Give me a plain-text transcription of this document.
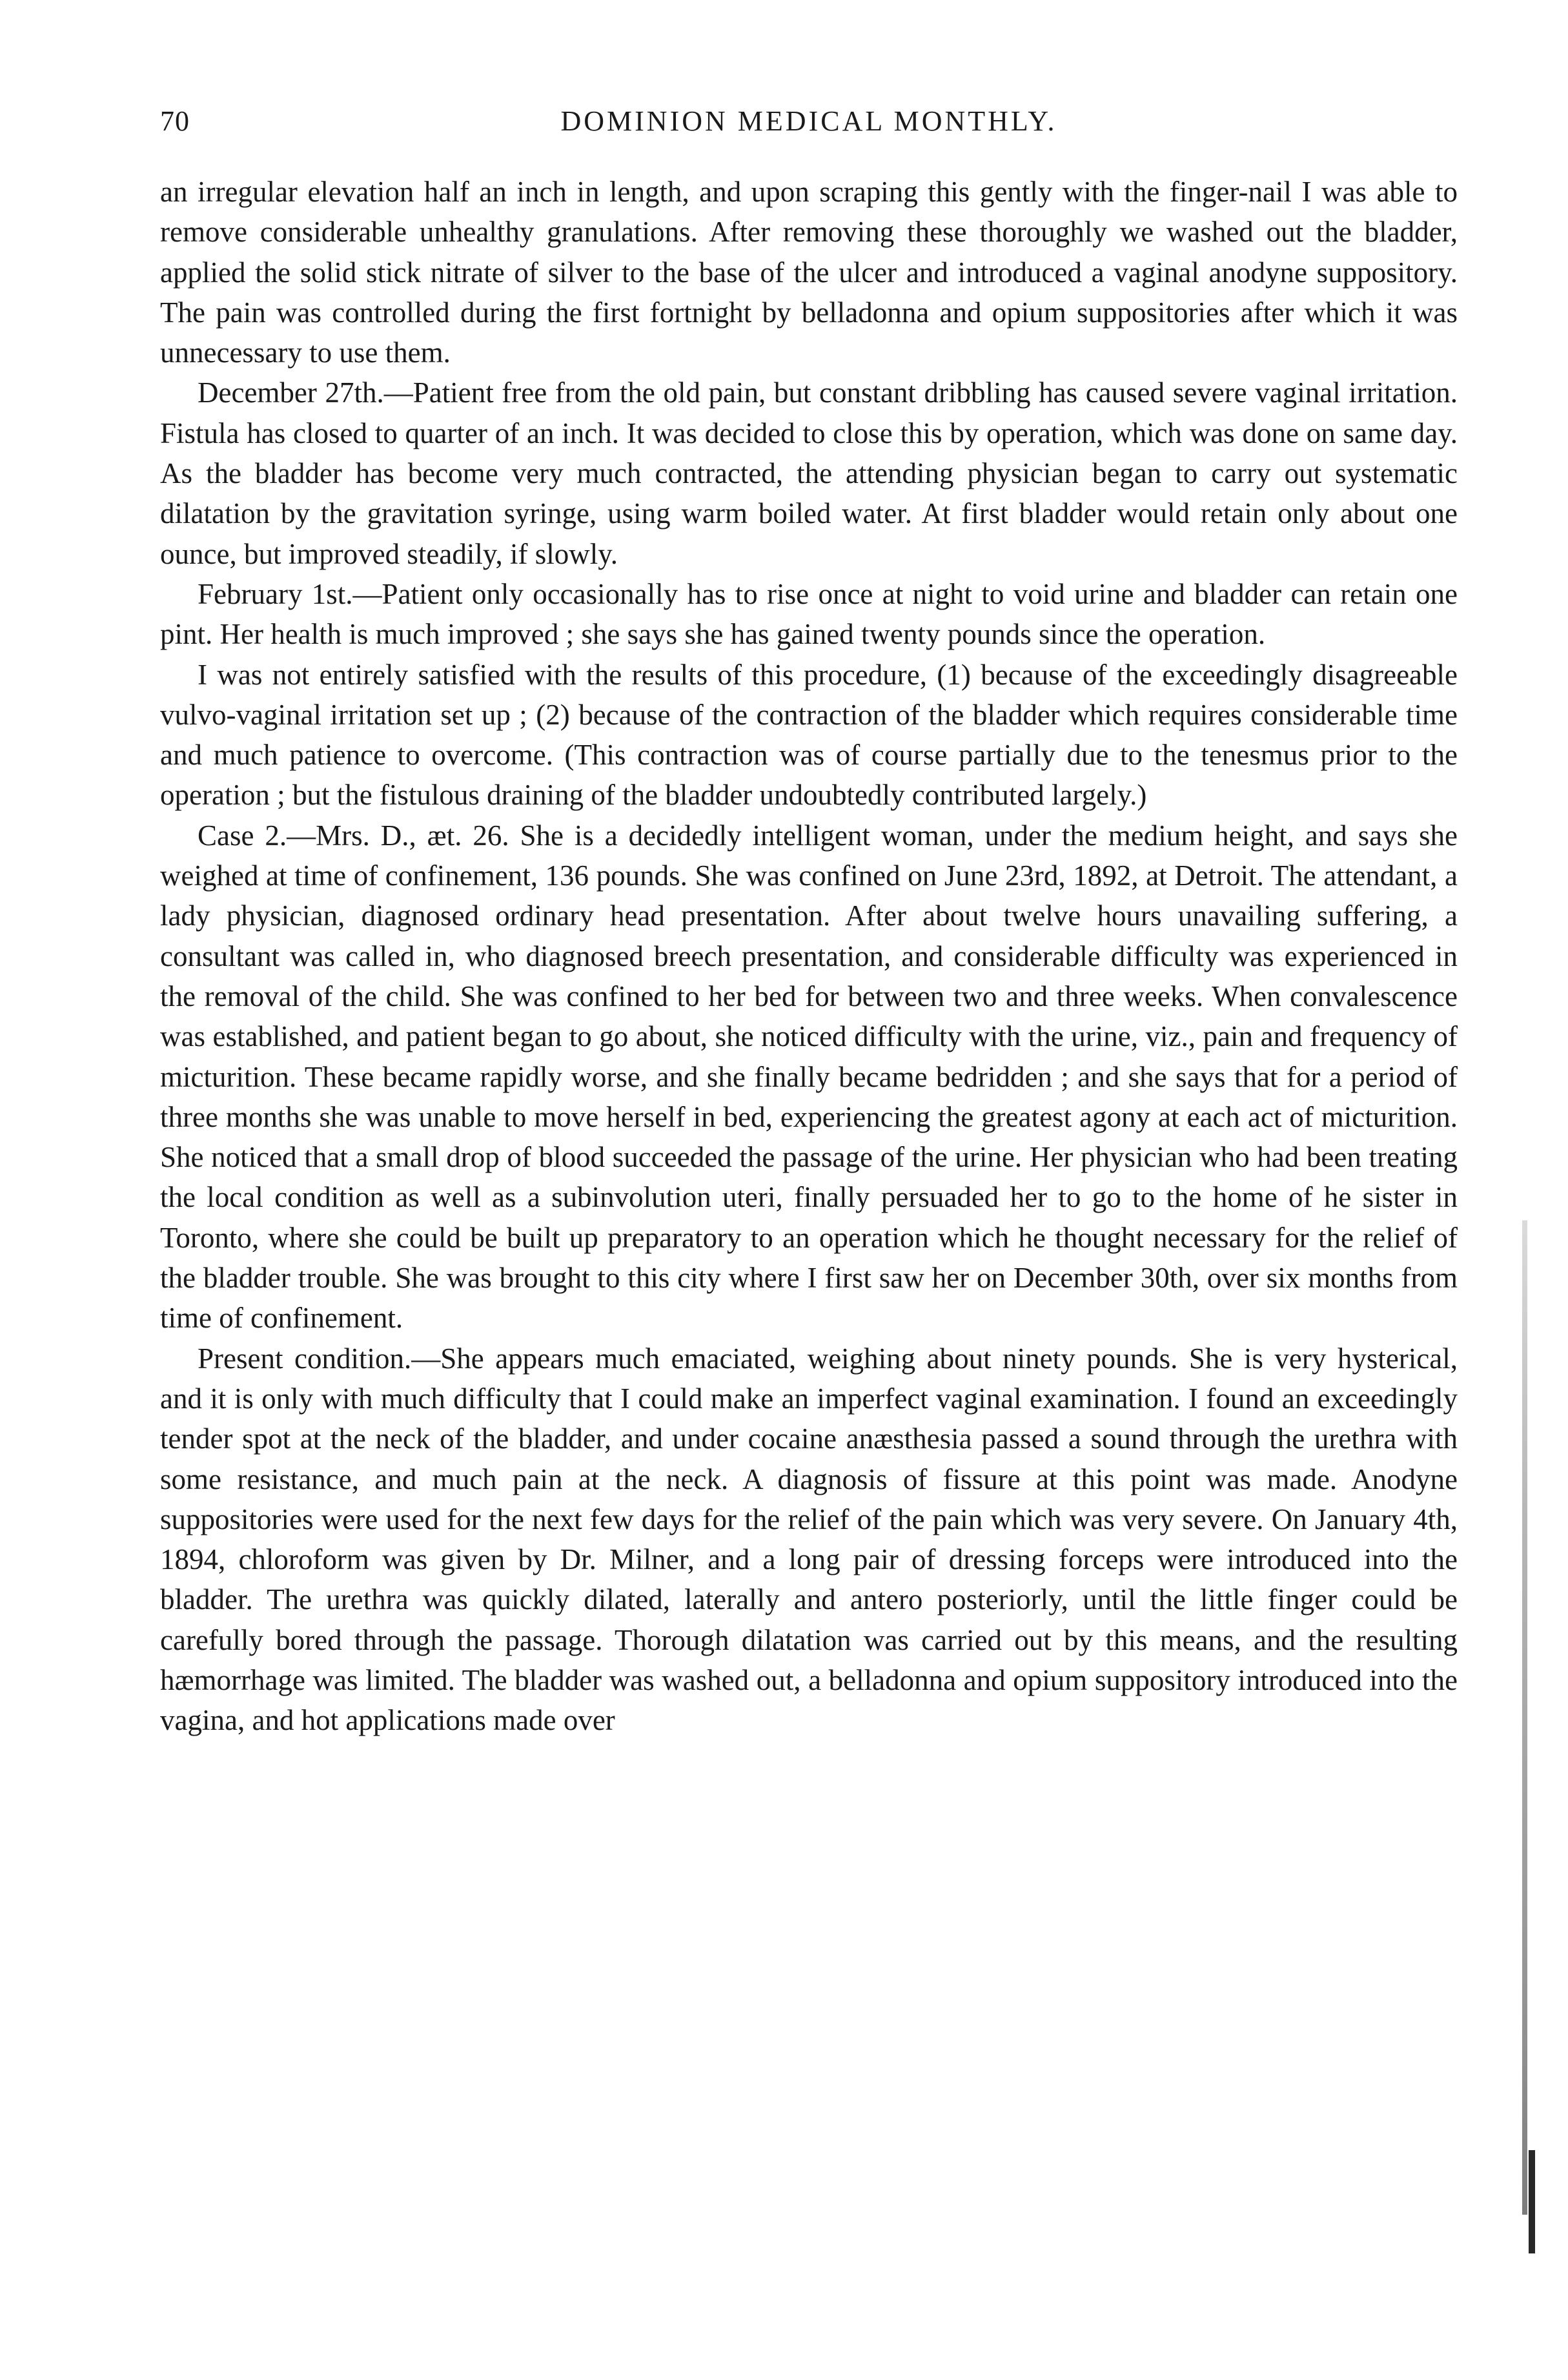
70	DOMINION MEDICAL MONTHLY.

an irregular elevation half an inch in length, and upon scraping this gently with the finger-nail I was able to remove considerable unhealthy granulations. After removing these thoroughly we washed out the bladder, applied the solid stick nitrate of silver to the base of the ulcer and introduced a vaginal anodyne suppository. The pain was controlled during the first fortnight by belladonna and opium suppositories after which it was unnecessary to use them.

December 27th.—Patient free from the old pain, but constant dribbling has caused severe vaginal irritation. Fistula has closed to quarter of an inch. It was decided to close this by operation, which was done on same day. As the bladder has become very much contracted, the attending physician began to carry out systematic dilatation by the gravitation syringe, using warm boiled water. At first bladder would retain only about one ounce, but improved steadily, if slowly.

February 1st.—Patient only occasionally has to rise once at night to void urine and bladder can retain one pint. Her health is much improved ; she says she has gained twenty pounds since the operation.

I was not entirely satisfied with the results of this procedure, (1) because of the exceedingly disagreeable vulvo-vaginal irritation set up ; (2) because of the contraction of the bladder which requires considerable time and much patience to overcome. (This contraction was of course partially due to the tenesmus prior to the operation ; but the fistulous draining of the bladder undoubtedly contributed largely.)

Case 2.—Mrs. D., æt. 26. She is a decidedly intelligent woman, under the medium height, and says she weighed at time of confinement, 136 pounds. She was confined on June 23rd, 1892, at Detroit. The attendant, a lady physician, diagnosed ordinary head presentation. After about twelve hours unavailing suffering, a consultant was called in, who diagnosed breech presentation, and considerable difficulty was experienced in the removal of the child. She was confined to her bed for between two and three weeks. When convalescence was established, and patient began to go about, she noticed difficulty with the urine, viz., pain and frequency of micturition. These became rapidly worse, and she finally became bedridden ; and she says that for a period of three months she was unable to move herself in bed, experiencing the greatest agony at each act of micturition. She noticed that a small drop of blood succeeded the passage of the urine. Her physician who had been treating the local condition as well as a subinvolution uteri, finally persuaded her to go to the home of he sister in Toronto, where she could be built up preparatory to an operation which he thought necessary for the relief of the bladder trouble. She was brought to this city where I first saw her on December 30th, over six months from time of confinement.

Present condition.—She appears much emaciated, weighing about ninety pounds. She is very hysterical, and it is only with much difficulty that I could make an imperfect vaginal examination. I found an exceedingly tender spot at the neck of the bladder, and under cocaine anæsthesia passed a sound through the urethra with some resistance, and much pain at the neck. A diagnosis of fissure at this point was made. Anodyne suppositories were used for the next few days for the relief of the pain which was very severe. On January 4th, 1894, chloroform was given by Dr. Milner, and a long pair of dressing forceps were introduced into the bladder. The urethra was quickly dilated, laterally and antero posteriorly, until the little finger could be carefully bored through the passage. Thorough dilatation was carried out by this means, and the resulting hæmorrhage was limited. The bladder was washed out, a belladonna and opium suppository introduced into the vagina, and hot applications made over
